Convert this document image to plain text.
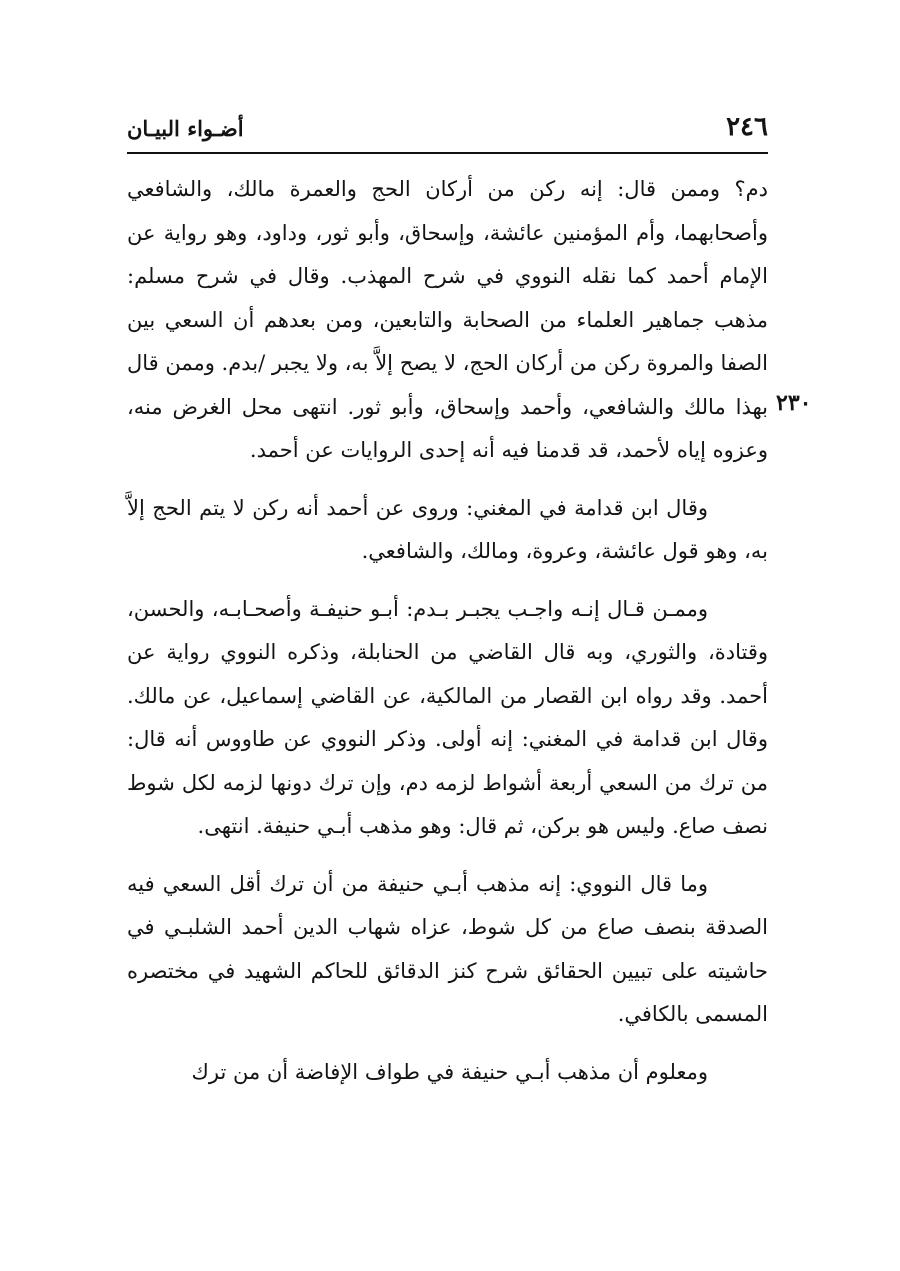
٢٤٦
أضـواء البيـان
٢٣٠

دم؟ وممن قال: إنه ركن من أركان الحج والعمرة مالك، والشافعي وأصحابهما، وأم المؤمنين عائشة، وإسحاق، وأبو ثور، وداود، وهو رواية عن الإمام أحمد كما نقله النووي في شرح المهذب. وقال في شرح مسلم: مذهب جماهير العلماء من الصحابة والتابعين، ومن بعدهم أن السعي بين الصفا والمروة ركن من أركان الحج، لا يصح إلاَّ به، ولا يجبر /بدم. وممن قال بهذا مالك والشافعي، وأحمد وإسحاق، وأبو ثور. انتهى محل الغرض منه، وعزوه إياه لأحمد، قد قدمنا فيه أنه إحدى الروايات عن أحمد.

وقال ابن قدامة في المغني: وروى عن أحمد أنه ركن لا يتم الحج إلاَّ به، وهو قول عائشة، وعروة، ومالك، والشافعي.

وممـن قـال إنـه واجـب يجبـر بـدم: أبـو حنيفـة وأصحـابـه، والحسن، وقتادة، والثوري، وبه قال القاضي من الحنابلة، وذكره النووي رواية عن أحمد. وقد رواه ابن القصار من المالكية، عن القاضي إسماعيل، عن مالك. وقال ابن قدامة في المغني: إنه أولى. وذكر النووي عن طاووس أنه قال: من ترك من السعي أربعة أشواط لزمه دم، وإن ترك دونها لزمه لكل شوط نصف صاع. وليس هو بركن، ثم قال: وهو مذهب أبـي حنيفة. انتهى.

وما قال النووي: إنه مذهب أبـي حنيفة من أن ترك أقل السعي فيه الصدقة بنصف صاع من كل شوط، عزاه شهاب الدين أحمد الشلبـي في حاشيته على تبيين الحقائق شرح كنز الدقائق للحاكم الشهيد في مختصره المسمى بالكافي.

ومعلوم أن مذهب أبـي حنيفة في طواف الإفاضة أن من ترك
